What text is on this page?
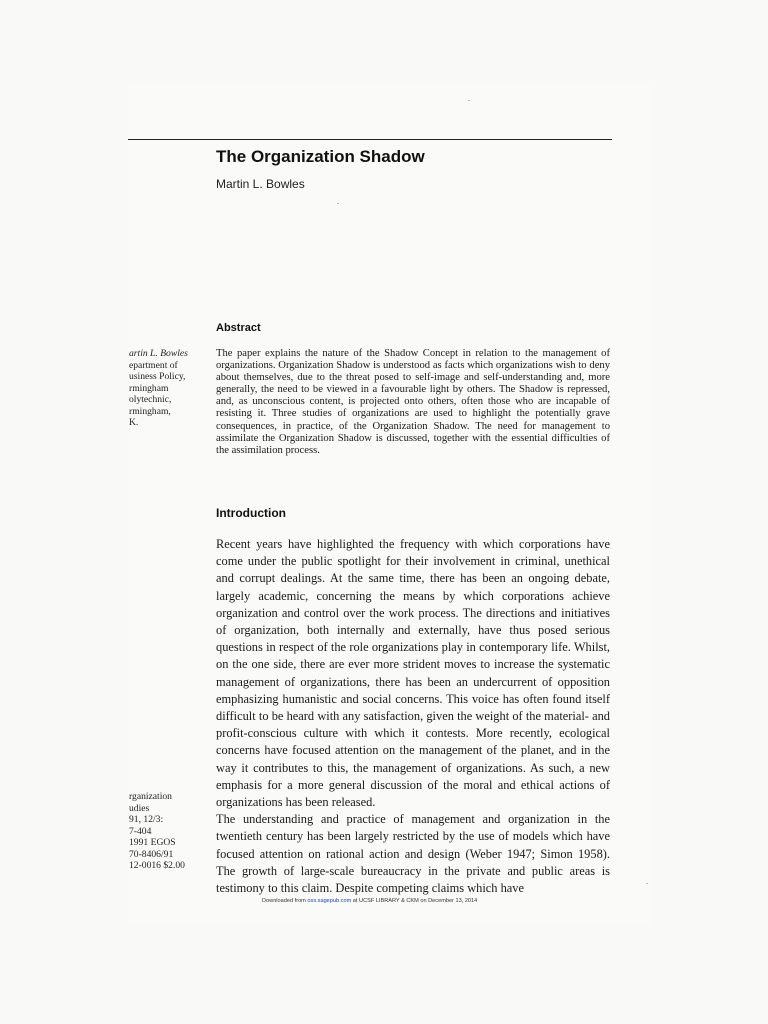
The Organization Shadow
Martin L. Bowles
artin L. Bowles
epartment of
usiness Policy,
rmingham
olytechnic,
rmingham,
K.
Abstract
The paper explains the nature of the Shadow Concept in relation to the management of organizations. Organization Shadow is understood as facts which organizations wish to deny about themselves, due to the threat posed to self-image and self-understanding and, more generally, the need to be viewed in a favourable light by others. The Shadow is repressed, and, as unconscious content, is projected onto others, often those who are incapable of resisting it. Three studies of organizations are used to highlight the potentially grave consequences, in practice, of the Organization Shadow. The need for management to assimilate the Organization Shadow is discussed, together with the essential difficulties of the assimilation process.
Introduction

Recent years have highlighted the frequency with which corporations have come under the public spotlight for their involvement in criminal, unethical and corrupt dealings. At the same time, there has been an ongoing debate, largely academic, concerning the means by which corporations achieve organization and control over the work process. The directions and initiatives of organization, both internally and externally, have thus posed serious questions in respect of the role organizations play in contemporary life. Whilst, on the one side, there are ever more strident moves to increase the systematic management of organizations, there has been an undercurrent of opposition emphasizing humanistic and social concerns. This voice has often found itself difficult to be heard with any satisfaction, given the weight of the material- and profit-conscious culture with which it contests. More recently, ecological concerns have focused attention on the management of the planet, and in the way it contributes to this, the management of organizations. As such, a new emphasis for a more general discussion of the moral and ethical actions of organizations has been released.

The understanding and practice of management and organization in the twentieth century has been largely restricted by the use of models which have focused attention on rational action and design (Weber 1947; Simon 1958). The growth of large-scale bureaucracy in the private and public areas is testimony to this claim. Despite competing claims which have

rganization
udies
91, 12/3:
7-404
1991 EGOS
70-8406/91
12-0016 $2.00
Downloaded from oss.sagepub.com at UCSF LIBRARY & CKM on December 13, 2014
